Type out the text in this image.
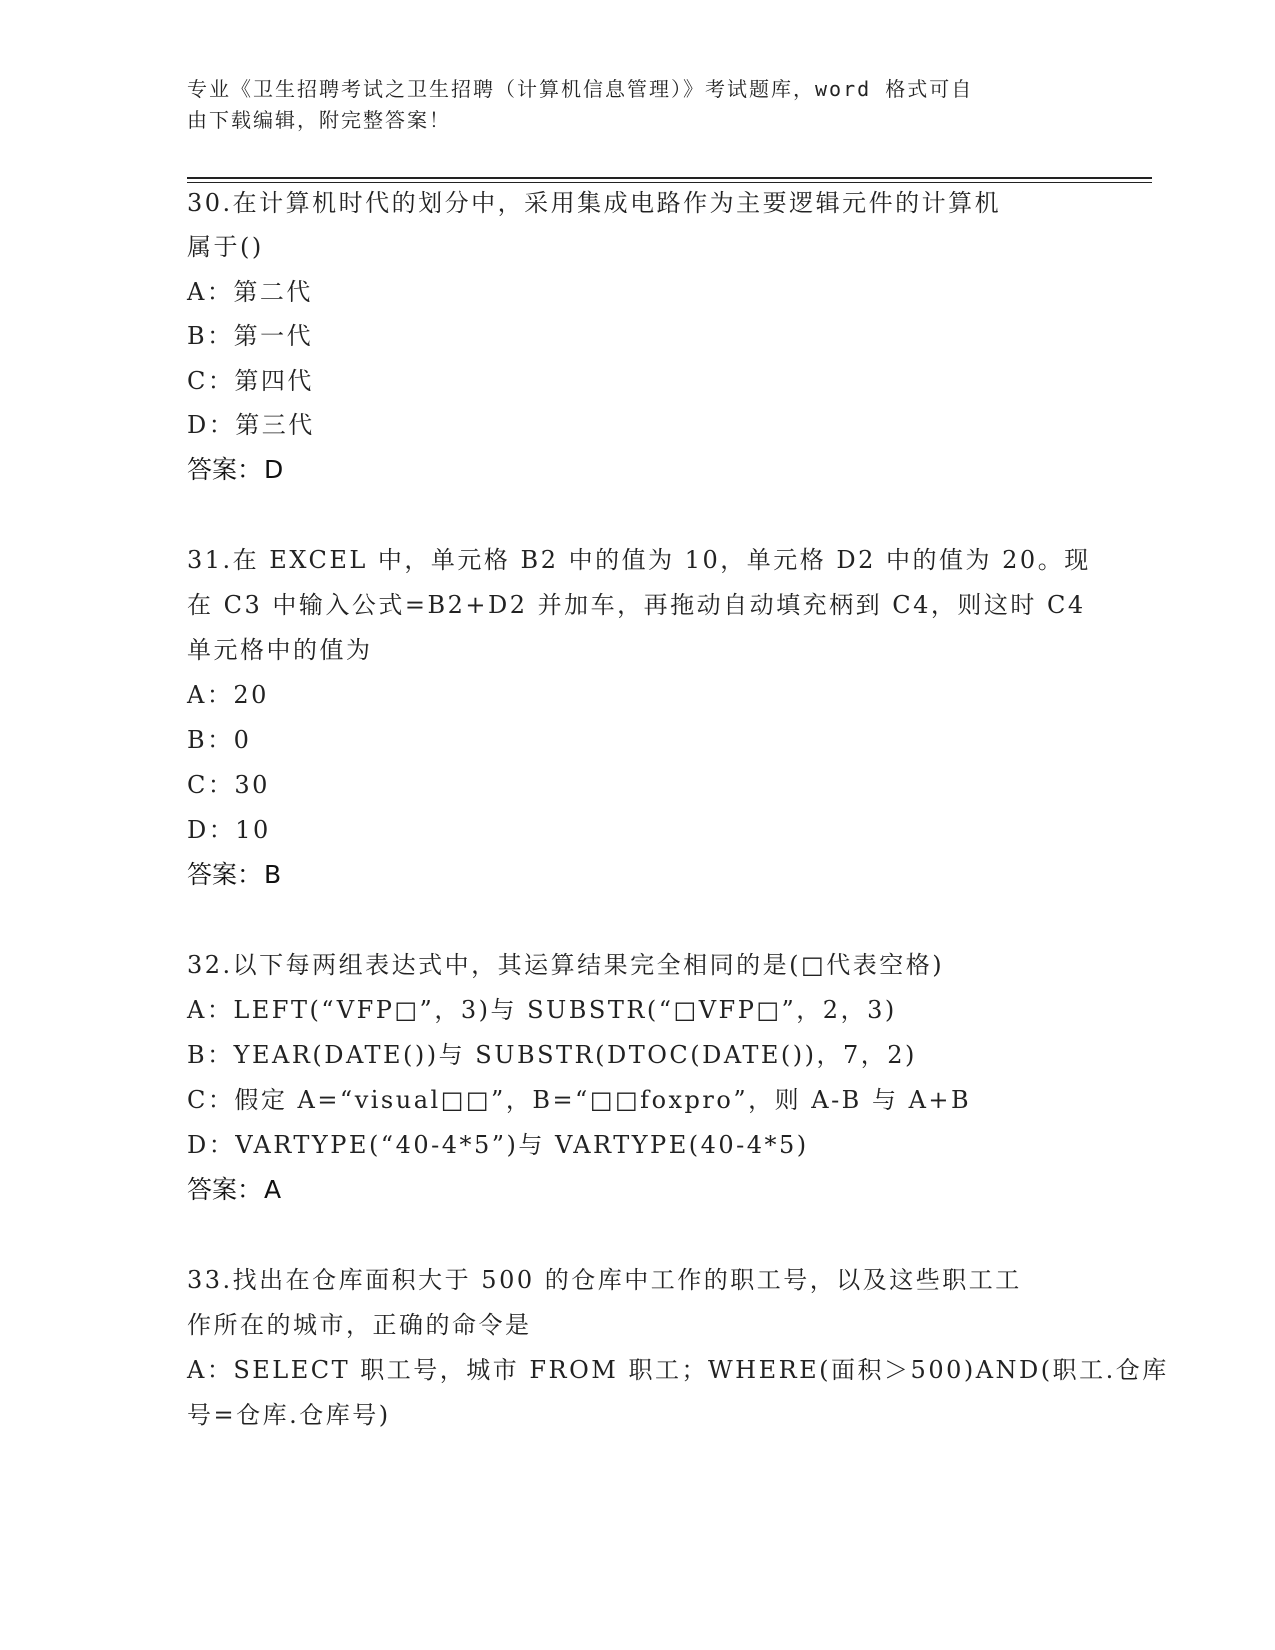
专业《卫生招聘考试之卫生招聘（计算机信息管理）》考试题库，word 格式可自
由下载编辑，附完整答案！
30.在计算机时代的划分中，采用集成电路作为主要逻辑元件的计算机
属于()
A：第二代
B：第一代
C：第四代
D：第三代
答案：D
31.在 EXCEL 中，单元格 B2 中的值为 10，单元格 D2 中的值为 20。现
在 C3 中输入公式=B2+D2 并加车，再拖动自动填充柄到 C4，则这时 C4
单元格中的值为
A：20
B：0
C：30
D：10
答案：B
32.以下每两组表达式中，其运算结果完全相同的是(□代表空格)
A：LEFT(“VFP□”，3)与 SUBSTR(“□VFP□”，2，3)
B：YEAR(DATE())与 SUBSTR(DTOC(DATE())，7，2)
C：假定 A=“visual□□”，B=“□□foxpro”，则 A-B 与 A+B
D：VARTYPE(“40-4*5”)与 VARTYPE(40-4*5)
答案：A
33.找出在仓库面积大于 500 的仓库中工作的职工号，以及这些职工工
作所在的城市，正确的命令是
A：SELECT 职工号，城市 FROM 职工；WHERE(面积＞500)AND(职工.仓库
号=仓库.仓库号)
